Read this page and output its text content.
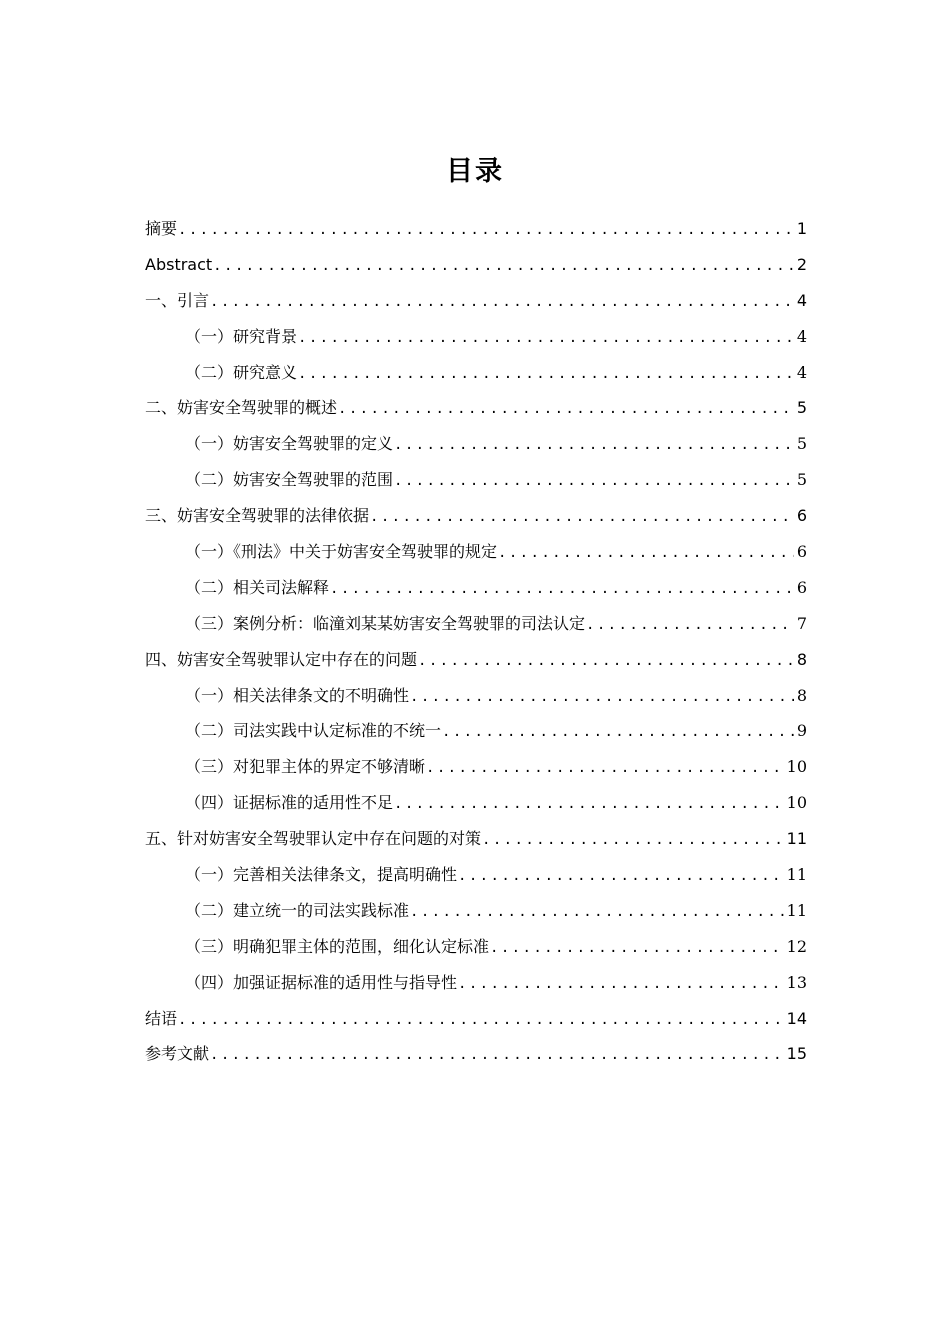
目录
摘要 .....	1
Abstract .....	2
一、引言 .....	4
（一）研究背景 .....	4
（二）研究意义 .....	4
二、妨害安全驾驶罪的概述 .....	5
（一）妨害安全驾驶罪的定义 .....	5
（二）妨害安全驾驶罪的范围 .....	5
三、妨害安全驾驶罪的法律依据 .....	6
（一）《刑法》中关于妨害安全驾驶罪的规定 .....	6
（二）相关司法解释 .....	6
（三）案例分析：临潼刘某某妨害安全驾驶罪的司法认定 .....	7
四、妨害安全驾驶罪认定中存在的问题 .....	8
（一）相关法律条文的不明确性 .....	8
（二）司法实践中认定标准的不统一 .....	9
（三）对犯罪主体的界定不够清晰 .....	10
（四）证据标准的适用性不足 .....	10
五、针对妨害安全驾驶罪认定中存在问题的对策 .....	11
（一）完善相关法律条文，提高明确性 .....	11
（二）建立统一的司法实践标准 .....	11
（三）明确犯罪主体的范围，细化认定标准 .....	12
（四）加强证据标准的适用性与指导性 .....	13
结语 .....	14
参考文献 .....	15
